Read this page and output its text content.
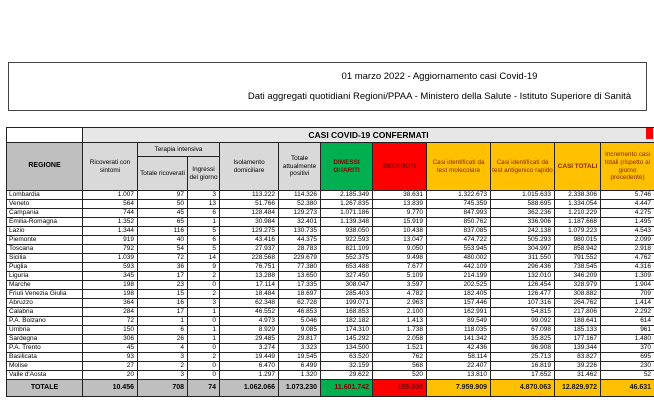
01 marzo 2022 - Aggiornamento casi Covid-19
Dati aggregati quotidiani Regioni/PPAA - Ministero della Salute - Istituto Superiore di Sanità
	CASI COVID-19 CONFERMATI										
REGIONE	Ricoverati con sintomi	Terapia intensiva		Isolamento domiciliare	Totale attualmente positivi	DIMESSI GUARITI	DECEDUTI	Casi identificati da test molecolare	Casi identificati da test antigenico rapido	CASI TOTALI	Incremento casi totali (rispetto al giorno precedente)
		Totale ricoverati	Ingressi del giorno								
Lombardia	1.007	97	3	113.222	114.326	2.185.349	38.631	1.322.673	1.015.633	2.338.306	5.746
Veneto	564	50	13	51.766	52.380	1.267.835	13.839	745.359	588.695	1.334.054	4.447
Campania	744	45	6	128.484	129.273	1.071.186	9.770	847.993	362.236	1.210.229	4.275
Emilia-Romagna	1.352	65	1	30.984	32.401	1.139.348	15.919	850.762	336.906	1.187.668	1.495
Lazio	1.344	116	5	129.275	130.735	938.050	10.438	837.085	242.138	1.079.223	4.543
Piemonte	919	40	6	43.416	44.375	922.593	13.047	474.722	505.293	980.015	2.099
Toscana	792	54	5	27.937	28.783	821.109	9.050	553.945	304.997	858.942	2.918
Sicilia	1.039	72	14	228.568	229.679	552.375	9.498	480.002	311.550	791.552	4.762
Puglia	593	36	9	76.751	77.380	653.488	7.677	442.109	296.436	738.545	4.316
Liguria	345	17	2	13.288	13.650	327.450	5.109	214.199	132.010	346.209	1.309
Marche	198	23	0	17.114	17.335	308.047	3.597	202.525	126.454	328.979	1.904
Friuli Venezia Giulia	198	15	2	18.484	18.697	285.403	4.782	182.405	126.477	308.882	709
Abruzzo	364	16	3	62.348	62.728	199.071	2.963	157.446	107.316	264.762	1.414
Calabria	284	17	1	46.552	46.853	168.853	2.100	162.991	54.815	217.806	2.292
P.A. Bolzano	72	1	0	4.973	5.046	182.182	1.413	89.549	99.092	188.641	614
Umbria	150	6	1	8.929	9.085	174.310	1.738	118.035	67.098	185.133	961
Sardegna	306	26	1	29.485	29.817	145.292	2.058	141.342	35.825	177.167	1.480
P.A. Trento	45	4	0	3.274	3.323	134.500	1.521	42.436	96.908	139.344	370
Basilicata	93	3	2	19.449	19.545	63.520	762	58.114	25.713	83.827	695
Molise	27	2	0	6.470	6.499	32.159	568	22.407	16.819	39.226	230
Valle d'Aosta	20	3	0	1.297	1.320	29.622	520	13.810	17.652	31.462	52
TOTALE	10.456	708	74	1.062.066	1.073.230	11.601.742	155.000	7.959.909	4.870.063	12.829.972	46.631
